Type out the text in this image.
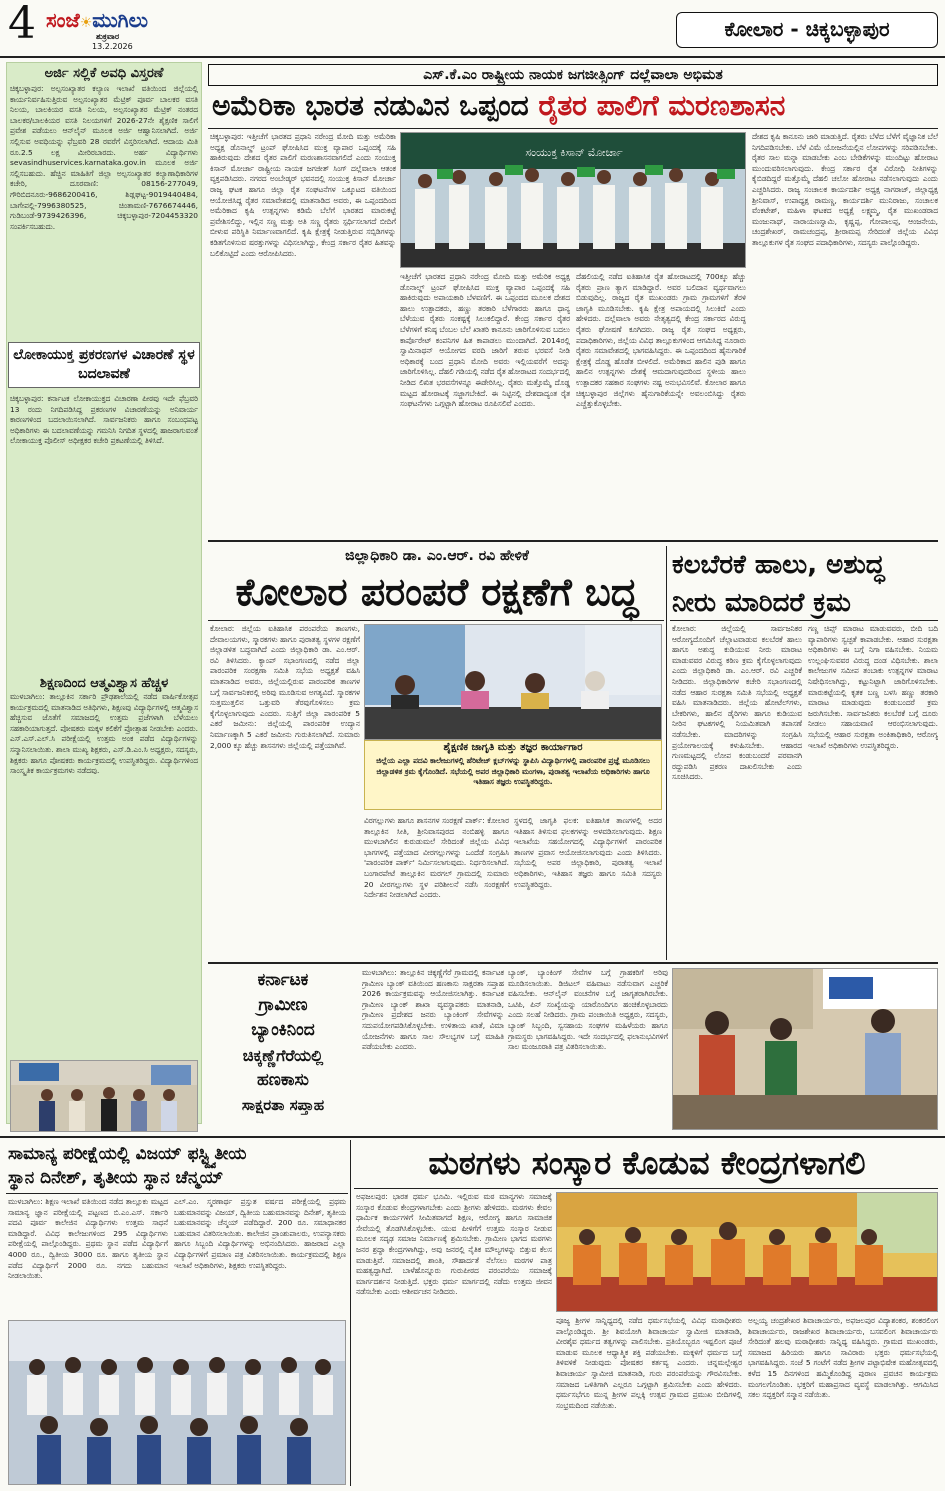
4 ಸಂಜೆ☀ಮುಗಿಲು
ಶುಕ್ರವಾರ
13.2.2026
ಕೋಲಾರ - ಚಿಕ್ಕಬಳ್ಳಾಪುರ
ಅರ್ಜಿ ಸಲ್ಲಿಕೆ ಅವಧಿ ವಿಸ್ತರಣೆ
ಚಿಕ್ಕಬಳ್ಳಾಪುರ: ಅಲ್ಪಸಂಖ್ಯಾತರ ಕಲ್ಯಾಣ ಇಲಾಖೆ ವತಿಯಿಂದ ಜಿಲ್ಲೆಯಲ್ಲಿ ಕಾರ್ಯನಿರ್ವಹಿಸುತ್ತಿರುವ ಅಲ್ಪಸಂಖ್ಯಾತರ ಮೆಟ್ರಿಕ್ ಪೂರ್ವ ಬಾಲಕರ ವಸತಿ ನಿಲಯ, ಬಾಲಕಿಯರ ವಸತಿ ನಿಲಯ, ಅಲ್ಪಸಂಖ್ಯಾತರ ಮೆಟ್ರಿಕ್ ನಂತರದ ಬಾಲಕರ/ಬಾಲಕಿಯರ ವಸತಿ ನಿಲಯಗಳಿಗೆ 2026-27ನೇ ಶೈಕ್ಷಣಿಕ ಸಾಲಿಗೆ ಪ್ರವೇಶ ಪಡೆಯಲು ಆನ್‌ಲೈನ್ ಮೂಲಕ ಅರ್ಜಿ ಆಹ್ವಾನಿಸಲಾಗಿದೆ. ಅರ್ಜಿ ಸಲ್ಲಿಸುವ ಅವಧಿಯನ್ನು ಫೆಬ್ರವರಿ 28 ರವರೆಗೆ ವಿಸ್ತರಿಸಲಾಗಿದೆ. ಆದಾಯ ಮಿತಿ ರೂ.2.5 ಲಕ್ಷ ಮೀರಿರಬಾರದು. ಅರ್ಹ ವಿದ್ಯಾರ್ಥಿಗಳು sevasindhuservices.karnataka.gov.in ಮೂಲಕ ಅರ್ಜಿ ಸಲ್ಲಿಸಬಹುದು. ಹೆಚ್ಚಿನ ಮಾಹಿತಿಗೆ ಜಿಲ್ಲಾ ಅಲ್ಪಸಂಖ್ಯಾತರ ಕಲ್ಯಾಣಾಧಿಕಾರಿಗಳ ಕಚೇರಿ, ದೂರವಾಣಿ: 08156-277049, ಗೌರಿಬಿದನೂರು-9686200416, ಶಿಡ್ಲಘಟ್ಟ-9019440484, ಬಾಗೇಪಲ್ಲಿ-7996380525, ಚಿಂತಾಮಣಿ-7676674446, ಗುಡಿಬಂಡೆ-9739426396, ಚಿಕ್ಕಬಳ್ಳಾಪುರ-7204453320 ಸಂಪರ್ಕಿಸಬಹುದು.
ಲೋಕಾಯುಕ್ತ ಪ್ರಕರಣಗಳ ವಿಚಾರಣೆ ಸ್ಥಳ ಬದಲಾವಣೆ
ಚಿಕ್ಕಬಳ್ಳಾಪುರ: ಕರ್ನಾಟಕ ಲೋಕಾಯುಕ್ತದ ವಿಚಾರಣಾ ಪೀಠವು ಇದೇ ಫೆಬ್ರವರಿ 13 ರಂದು ನಿಗದಿಪಡಿಸಿದ್ದ ಪ್ರಕರಣಗಳ ವಿಚಾರಣೆಯನ್ನು ಅನಿವಾರ್ಯ ಕಾರಣಗಳಿಂದ ಬದಲಾಯಿಸಲಾಗಿದೆ. ಸಾರ್ವಜನಿಕರು ಹಾಗೂ ಸಂಬಂಧಪಟ್ಟ ಅಧಿಕಾರಿಗಳು ಈ ಬದಲಾವಣೆಯನ್ನು ಗಮನಿಸಿ ನಿಗದಿತ ಸ್ಥಳದಲ್ಲಿ ಹಾಜರಾಗುವಂತೆ ಲೋಕಾಯುಕ್ತ ಪೊಲೀಸ್ ಅಧೀಕ್ಷಕರ ಕಚೇರಿ ಪ್ರಕಟಣೆಯಲ್ಲಿ ತಿಳಿಸಿದೆ.
ಶಿಕ್ಷಣದಿಂದ ಆತ್ಮವಿಶ್ವಾಸ ಹೆಚ್ಚಳ
ಮುಳಬಾಗಿಲು: ತಾಲ್ಲೂಕಿನ ಸರ್ಕಾರಿ ಪ್ರೌಢಶಾಲೆಯಲ್ಲಿ ನಡೆದ ವಾರ್ಷಿಕೋತ್ಸವ ಕಾರ್ಯಕ್ರಮದಲ್ಲಿ ಮಾತನಾಡಿದ ಅತಿಥಿಗಳು, ಶಿಕ್ಷಣವು ವಿದ್ಯಾರ್ಥಿಗಳಲ್ಲಿ ಆತ್ಮವಿಶ್ವಾಸ ಹೆಚ್ಚಿಸುವ ಜೊತೆಗೆ ಸಮಾಜದಲ್ಲಿ ಉತ್ತಮ ಪ್ರಜೆಗಳಾಗಿ ಬೆಳೆಯಲು ಸಹಕಾರಿಯಾಗುತ್ತದೆ. ಪೋಷಕರು ಮಕ್ಕಳ ಕಲಿಕೆಗೆ ಪ್ರೋತ್ಸಾಹ ನೀಡಬೇಕು ಎಂದರು. ಎಸ್.ಎಸ್.ಎಲ್.ಸಿ ಪರೀಕ್ಷೆಯಲ್ಲಿ ಉತ್ತಮ ಅಂಕ ಪಡೆದ ವಿದ್ಯಾರ್ಥಿಗಳನ್ನು ಸನ್ಮಾನಿಸಲಾಯಿತು. ಶಾಲಾ ಮುಖ್ಯ ಶಿಕ್ಷಕರು, ಎಸ್.ಡಿ.ಎಂ.ಸಿ ಅಧ್ಯಕ್ಷರು, ಸದಸ್ಯರು, ಶಿಕ್ಷಕರು ಹಾಗೂ ಪೋಷಕರು ಕಾರ್ಯಕ್ರಮದಲ್ಲಿ ಉಪಸ್ಥಿತರಿದ್ದರು. ವಿದ್ಯಾರ್ಥಿಗಳಿಂದ ಸಾಂಸ್ಕೃತಿಕ ಕಾರ್ಯಕ್ರಮಗಳು ನಡೆದವು.
ಎಸ್.ಕೆ.ಎಂ ರಾಷ್ಟ್ರೀಯ ನಾಯಕ ಜಗಜೀತ್ಸಿಂಗ್ ದಲ್ಲೆವಾಲಾ ಅಭಿಮತ
ಅಮೆರಿಕಾ ಭಾರತ ನಡುವಿನ ಒಪ್ಪಂದ ರೈತರ ಪಾಲಿಗೆ ಮರಣಶಾಸನ
ಚಿಕ್ಕಬಳ್ಳಾಪುರ: ಇತ್ತೀಚೆಗೆ ಭಾರತದ ಪ್ರಧಾನಿ ನರೇಂದ್ರ ಮೋದಿ ಮತ್ತು ಅಮೆರಿಕಾ ಅಧ್ಯಕ್ಷ ಡೊನಾಲ್ಡ್ ಟ್ರಂಪ್ ಘೋಷಿಸಿದ ಮುಕ್ತ ವ್ಯಾಪಾರ ಒಪ್ಪಂದಕ್ಕೆ ಸಹಿ ಹಾಕಿರುವುದು ದೇಶದ ರೈತರ ಪಾಲಿಗೆ ಮರಣಶಾಸನವಾಗಲಿದೆ ಎಂದು ಸಂಯುಕ್ತ ಕಿಸಾನ್ ಮೋರ್ಚಾ ರಾಷ್ಟ್ರೀಯ ನಾಯಕ ಜಗಜೀತ್ ಸಿಂಗ್ ದಲ್ಲೆವಾಲಾ ಆತಂಕ ವ್ಯಕ್ತಪಡಿಸಿದರು. ನಗರದ ಅಂಬೇಡ್ಕರ್ ಭವನದಲ್ಲಿ ಸಂಯುಕ್ತ ಕಿಸಾನ್ ಮೋರ್ಚಾ ರಾಜ್ಯ ಘಟಕ ಹಾಗೂ ಜಿಲ್ಲಾ ರೈತ ಸಂಘಟನೆಗಳ ಒಕ್ಕೂಟದ ವತಿಯಿಂದ ಆಯೋಜಿಸಿದ್ದ ರೈತರ ಸಮಾವೇಶದಲ್ಲಿ ಮಾತನಾಡಿದ ಅವರು, ಈ ಒಪ್ಪಂದದಿಂದ ಅಮೆರಿಕಾದ ಕೃಷಿ ಉತ್ಪನ್ನಗಳು ಕಡಿಮೆ ಬೆಲೆಗೆ ಭಾರತದ ಮಾರುಕಟ್ಟೆ ಪ್ರವೇಶಿಸಲಿದ್ದು, ಇಲ್ಲಿನ ಸಣ್ಣ ಮತ್ತು ಅತಿ ಸಣ್ಣ ರೈತರು ಸ್ಪರ್ಧಿಸಲಾಗದೆ ಬೀದಿಗೆ ಬೀಳುವ ಪರಿಸ್ಥಿತಿ ನಿರ್ಮಾಣವಾಗಲಿದೆ. ಕೃಷಿ ಕ್ಷೇತ್ರಕ್ಕೆ ನೀಡುತ್ತಿರುವ ಸಬ್ಸಿಡಿಗಳನ್ನು ಕಡಿತಗೊಳಿಸುವ ಷರತ್ತುಗಳನ್ನು ವಿಧಿಸಲಾಗಿದ್ದು, ಕೇಂದ್ರ ಸರ್ಕಾರ ರೈತರ ಹಿತವನ್ನು ಬಲಿಕೊಟ್ಟಿದೆ ಎಂದು ಆರೋಪಿಸಿದರು.
ಸಂಯುಕ್ತ ಕಿಸಾನ್ ಮೋರ್ಚಾ
ಇತ್ತೀಚೆಗೆ ಭಾರತದ ಪ್ರಧಾನಿ ನರೇಂದ್ರ ಮೋದಿ ಮತ್ತು ಅಮೆರಿಕ ಅಧ್ಯಕ್ಷ ಡೊನಾಲ್ಡ್ ಟ್ರಂಪ್ ಘೋಷಿಸಿದ ಮುಕ್ತ ವ್ಯಾಪಾರ ಒಪ್ಪಂದಕ್ಕೆ ಸಹಿ ಹಾಕಿರುವುದು ಅಪಾಯಕಾರಿ ಬೆಳವಣಿಗೆ. ಈ ಒಪ್ಪಂದದ ಮೂಲಕ ದೇಶದ ಹಾಲು ಉತ್ಪಾದಕರು, ಹಣ್ಣು ತರಕಾರಿ ಬೆಳೆಗಾರರು ಹಾಗೂ ಧಾನ್ಯ ಬೆಳೆಯುವ ರೈತರು ಸಂಕಷ್ಟಕ್ಕೆ ಸಿಲುಕಲಿದ್ದಾರೆ. ಕೇಂದ್ರ ಸರ್ಕಾರ ರೈತರ ಬೆಳೆಗಳಿಗೆ ಕನಿಷ್ಠ ಬೆಂಬಲ ಬೆಲೆ ಖಾತರಿ ಕಾನೂನು ಜಾರಿಗೊಳಿಸುವ ಬದಲು ಕಾರ್ಪೊರೇಟ್ ಕಂಪನಿಗಳ ಹಿತ ಕಾಪಾಡಲು ಮುಂದಾಗಿದೆ. 2014ರಲ್ಲಿ ಸ್ವಾಮಿನಾಥನ್ ಆಯೋಗದ ವರದಿ ಜಾರಿಗೆ ತರುವ ಭರವಸೆ ನೀಡಿ ಅಧಿಕಾರಕ್ಕೆ ಬಂದ ಪ್ರಧಾನಿ ಮೋದಿ ಅವರು ಇಲ್ಲಿಯವರೆಗೆ ಅದನ್ನು ಜಾರಿಗೊಳಿಸಿಲ್ಲ. ದೆಹಲಿ ಗಡಿಯಲ್ಲಿ ನಡೆದ ರೈತ ಹೋರಾಟದ ಸಂದರ್ಭದಲ್ಲಿ ನೀಡಿದ ಲಿಖಿತ ಭರವಸೆಗಳನ್ನೂ ಈಡೇರಿಸಿಲ್ಲ. ರೈತರು ಮತ್ತೊಮ್ಮೆ ದೊಡ್ಡ ಮಟ್ಟದ ಹೋರಾಟಕ್ಕೆ ಸಜ್ಜಾಗಬೇಕಿದೆ. ಈ ನಿಟ್ಟಿನಲ್ಲಿ ದೇಶದಾದ್ಯಂತ ರೈತ ಸಂಘಟನೆಗಳು ಒಗ್ಗಟ್ಟಾಗಿ ಹೋರಾಟ ರೂಪಿಸಲಿವೆ ಎಂದರು.
ದೆಹಲಿಯಲ್ಲಿ ನಡೆದ ಐತಿಹಾಸಿಕ ರೈತ ಹೋರಾಟದಲ್ಲಿ 700ಕ್ಕೂ ಹೆಚ್ಚು ರೈತರು ಪ್ರಾಣ ತ್ಯಾಗ ಮಾಡಿದ್ದಾರೆ. ಅವರ ಬಲಿದಾನ ವ್ಯರ್ಥವಾಗಲು ಬಿಡುವುದಿಲ್ಲ. ರಾಜ್ಯದ ರೈತ ಮುಖಂಡರು ಗ್ರಾಮ ಗ್ರಾಮಗಳಿಗೆ ತೆರಳಿ ಜಾಗೃತಿ ಮೂಡಿಸಬೇಕು. ಕೃಷಿ ಕ್ಷೇತ್ರ ಅಪಾಯದಲ್ಲಿ ಸಿಲುಕಿದೆ ಎಂದು ಹೇಳಿದರು. ದಲ್ಲೆವಾಲಾ ಅವರು ನೇತೃತ್ವದಲ್ಲಿ ಕೇಂದ್ರ ಸರ್ಕಾರದ ವಿರುದ್ಧ ರೈತರು ಘೋಷಣೆ ಕೂಗಿದರು. ರಾಜ್ಯ ರೈತ ಸಂಘದ ಅಧ್ಯಕ್ಷರು, ಪದಾಧಿಕಾರಿಗಳು, ಜಿಲ್ಲೆಯ ವಿವಿಧ ತಾಲ್ಲೂಕುಗಳಿಂದ ಆಗಮಿಸಿದ್ದ ನೂರಾರು ರೈತರು ಸಮಾವೇಶದಲ್ಲಿ ಭಾಗವಹಿಸಿದ್ದರು. ಈ ಒಪ್ಪಂದದಿಂದ ಹೈನುಗಾರಿಕೆ ಕ್ಷೇತ್ರಕ್ಕೆ ದೊಡ್ಡ ಹೊಡೆತ ಬೀಳಲಿದೆ. ಅಮೆರಿಕಾದ ಹಾಲಿನ ಪುಡಿ ಹಾಗೂ ಹಾಲಿನ ಉತ್ಪನ್ನಗಳು ದೇಶಕ್ಕೆ ಆಮದಾಗುವುದರಿಂದ ಸ್ಥಳೀಯ ಹಾಲು ಉತ್ಪಾದಕರ ಸಹಕಾರ ಸಂಘಗಳು ನಷ್ಟ ಅನುಭವಿಸಲಿವೆ. ಕೋಲಾರ ಹಾಗೂ ಚಿಕ್ಕಬಳ್ಳಾಪುರ ಜಿಲ್ಲೆಗಳು ಹೈನುಗಾರಿಕೆಯನ್ನೇ ಅವಲಂಬಿಸಿದ್ದು ರೈತರು ಎಚ್ಚೆತ್ತುಕೊಳ್ಳಬೇಕು.
ದೇಶದ ಕೃಷಿ ಕಾನೂನು ಜಾರಿ ಮಾಡುತ್ತಿದೆ. ರೈತರು ಬೆಳೆದ ಬೆಳೆಗೆ ವೈಜ್ಞಾನಿಕ ಬೆಲೆ ನಿಗದಿಪಡಿಸಬೇಕು. ಬೆಳೆ ವಿಮೆ ಯೋಜನೆಯಲ್ಲಿನ ಲೋಪಗಳನ್ನು ಸರಿಪಡಿಸಬೇಕು. ರೈತರ ಸಾಲ ಮನ್ನಾ ಮಾಡಬೇಕು ಎಂಬ ಬೇಡಿಕೆಗಳನ್ನು ಮುಂದಿಟ್ಟು ಹೋರಾಟ ಮುಂದುವರಿಸಲಾಗುವುದು. ಕೇಂದ್ರ ಸರ್ಕಾರ ರೈತ ವಿರೋಧಿ ನೀತಿಗಳನ್ನು ಕೈಬಿಡದಿದ್ದರೆ ಮತ್ತೊಮ್ಮೆ ದೆಹಲಿ ಚಲೋ ಹೋರಾಟ ನಡೆಸಲಾಗುವುದು ಎಂದು ಎಚ್ಚರಿಸಿದರು. ರಾಜ್ಯ ಸಂಚಾಲಕ ಕಾರ್ಯದರ್ಶಿ ಅಧ್ಯಕ್ಷ ನಾಗರಾಜ್, ಜಿಲ್ಲಾಧ್ಯಕ್ಷ ಶ್ರೀನಿವಾಸ್, ಉಪಾಧ್ಯಕ್ಷ ರಾಮಣ್ಣ, ಕಾರ್ಯದರ್ಶಿ ಮುನಿರಾಜು, ಸಂಚಾಲಕ ವೆಂಕಟೇಶ್, ಮಹಿಳಾ ಘಟಕದ ಅಧ್ಯಕ್ಷೆ ಲಕ್ಷ್ಮಮ್ಮ, ರೈತ ಮುಖಂಡರಾದ ಮಂಜುನಾಥ್, ನಾರಾಯಣಸ್ವಾಮಿ, ಕೃಷ್ಣಪ್ಪ, ಗೋಪಾಲಪ್ಪ, ಆಂಜನೇಯ, ಚಂದ್ರಶೇಖರ್, ರಾಮಚಂದ್ರಪ್ಪ, ಶ್ರೀರಾಮಪ್ಪ ಸೇರಿದಂತೆ ಜಿಲ್ಲೆಯ ವಿವಿಧ ತಾಲ್ಲೂಕುಗಳ ರೈತ ಸಂಘದ ಪದಾಧಿಕಾರಿಗಳು, ಸದಸ್ಯರು ಪಾಲ್ಗೊಂಡಿದ್ದರು.
ಜಿಲ್ಲಾಧಿಕಾರಿ ಡಾ. ಎಂ.ಆರ್. ರವಿ ಹೇಳಿಕೆ
ಕೋಲಾರ ಪರಂಪರೆ ರಕ್ಷಣೆಗೆ ಬದ್ಧ
ಕೋಲಾರ: ಜಿಲ್ಲೆಯ ಐತಿಹಾಸಿಕ ಪರಂಪರೆಯ ತಾಣಗಳು, ದೇವಾಲಯಗಳು, ಸ್ಮಾರಕಗಳು ಹಾಗೂ ಪುರಾತತ್ವ ಸ್ಥಳಗಳ ರಕ್ಷಣೆಗೆ ಜಿಲ್ಲಾಡಳಿತ ಬದ್ಧವಾಗಿದೆ ಎಂದು ಜಿಲ್ಲಾಧಿಕಾರಿ ಡಾ. ಎಂ.ಆರ್. ರವಿ ತಿಳಿಸಿದರು. ಕ್ಯಾಂಪ್ ಸಭಾಂಗಣದಲ್ಲಿ ನಡೆದ ಜಿಲ್ಲಾ ಪಾರಂಪರಿಕ ಸಂರಕ್ಷಣಾ ಸಮಿತಿ ಸಭೆಯ ಅಧ್ಯಕ್ಷತೆ ವಹಿಸಿ ಮಾತನಾಡಿದ ಅವರು, ಜಿಲ್ಲೆಯಲ್ಲಿರುವ ಪಾರಂಪರಿಕ ತಾಣಗಳ ಬಗ್ಗೆ ಸಾರ್ವಜನಿಕರಲ್ಲಿ ಅರಿವು ಮೂಡಿಸುವ ಅಗತ್ಯವಿದೆ. ಸ್ಮಾರಕಗಳ ಸುತ್ತಮುತ್ತಲಿನ ಒತ್ತುವರಿ ತೆರವುಗೊಳಿಸಲು ಕ್ರಮ ಕೈಗೊಳ್ಳಲಾಗುವುದು ಎಂದರು. ಸುತ್ತಿಗೆ ಜಿಲ್ಲಾ ಪಾರಂಪರಿಕ 5 ಎಕರೆ ಜಮೀನು: ಜಿಲ್ಲೆಯಲ್ಲಿ ಪಾರಂಪರಿಕ ಉದ್ಯಾನ ನಿರ್ಮಾಣಕ್ಕಾಗಿ 5 ಎಕರೆ ಜಮೀನು ಗುರುತಿಸಲಾಗಿದೆ. ಸುಮಾರು 2,000 ಕ್ಕೂ ಹೆಚ್ಚು ಶಾಸನಗಳು ಜಿಲ್ಲೆಯಲ್ಲಿ ಪತ್ತೆಯಾಗಿವೆ.	ಶೈಕ್ಷಣಿಕ ಜಾಗೃತಿ ಮತ್ತು ತಜ್ಞರ ಕಾರ್ಯಾಗಾರ
ಜಿಲ್ಲೆಯ ಎಲ್ಲಾ ಪದವಿ ಕಾಲೇಜುಗಳಲ್ಲಿ ಹೆರಿಟೇಜ್ ಕ್ಲಬ್‌ಗಳನ್ನು ಸ್ಥಾಪಿಸಿ ವಿದ್ಯಾರ್ಥಿಗಳಲ್ಲಿ ಪಾರಂಪರಿಕ ಪ್ರಜ್ಞೆ ಮೂಡಿಸಲು ಜಿಲ್ಲಾಡಳಿತ ಕ್ರಮ ಕೈಗೊಂಡಿದೆ. ಸಭೆಯಲ್ಲಿ ಅಪರ ಜಿಲ್ಲಾಧಿಕಾರಿ ಮಂಗಳಾ, ಪುರಾತತ್ವ ಇಲಾಖೆಯ ಅಧಿಕಾರಿಗಳು ಹಾಗೂ ಇತಿಹಾಸ ತಜ್ಞರು ಉಪಸ್ಥಿತರಿದ್ದರು.
ವಿರಗಲ್ಲುಗಳು ಹಾಗೂ ಶಾಸನಗಳ ಸಂರಕ್ಷಣೆ ಪಾರ್ಕ್: ಕೋಲಾರ ತಾಲ್ಲೂಕಿನ ಸೀತಿ, ಶ್ರೀನಿವಾಸಪುರದ ನಂಬಿಹಳ್ಳಿ ಹಾಗೂ ಮುಳಬಾಗಿಲಿನ ಕುರುಡುಮಲೆ ಸೇರಿದಂತೆ ಜಿಲ್ಲೆಯ ವಿವಿಧ ಭಾಗಗಳಲ್ಲಿ ಪತ್ತೆಯಾದ ವೀರಗಲ್ಲುಗಳನ್ನು ಒಂದೆಡೆ ಸಂಗ್ರಹಿಸಿ 'ಪಾರಂಪರಿಕ ಪಾರ್ಕ್' ನಿರ್ಮಿಸಲಾಗುವುದು. ನಿರ್ಧರಿಸಲಾಗಿದೆ. ಬಂಗಾರಪೇಟೆ ತಾಲ್ಲೂಕಿನ ಮರಗಲ್ ಗ್ರಾಮದಲ್ಲಿ ಸುಮಾರು 20 ವೀರಗಲ್ಲುಗಳು ಸ್ಥಳ ಪರಿಶೀಲನೆ ನಡೆಸಿ ಸಂರಕ್ಷಣೆಗೆ ನಿರ್ದೇಶನ ನೀಡಲಾಗಿದೆ ಎಂದರು.
ಸ್ಥಳದಲ್ಲಿ ಜಾಗೃತಿ ಫಲಕ: ಐತಿಹಾಸಿಕ ತಾಣಗಳಲ್ಲಿ ಅದರ ಇತಿಹಾಸ ತಿಳಿಸುವ ಫಲಕಗಳನ್ನು ಅಳವಡಿಸಲಾಗುವುದು. ಶಿಕ್ಷಣ ಇಲಾಖೆಯ ಸಹಯೋಗದಲ್ಲಿ ವಿದ್ಯಾರ್ಥಿಗಳಿಗೆ ಪಾರಂಪರಿಕ ತಾಣಗಳ ಪ್ರವಾಸ ಆಯೋಜಿಸಲಾಗುವುದು ಎಂದು ತಿಳಿಸಿದರು. ಸಭೆಯಲ್ಲಿ ಅಪರ ಜಿಲ್ಲಾಧಿಕಾರಿ, ಪುರಾತತ್ವ ಇಲಾಖೆ ಅಧಿಕಾರಿಗಳು, ಇತಿಹಾಸ ತಜ್ಞರು ಹಾಗೂ ಸಮಿತಿ ಸದಸ್ಯರು ಉಪಸ್ಥಿತರಿದ್ದರು.
ಕಲಬೆರಕೆ ಹಾಲು, ಅಶುದ್ಧ
ನೀರು ಮಾರಿದರೆ ಕ್ರಮ
ಕೋಲಾರ: ಜಿಲ್ಲೆಯಲ್ಲಿ ಸಾರ್ವಜನಿಕರ ಆರೋಗ್ಯದೊಂದಿಗೆ ಚೆಲ್ಲಾಟವಾಡುವ ಕಲಬೆರಕೆ ಹಾಲು ಹಾಗೂ ಅಶುದ್ಧ ಕುಡಿಯುವ ನೀರು ಮಾರಾಟ ಮಾಡುವವರ ವಿರುದ್ಧ ಕಠಿಣ ಕ್ರಮ ಕೈಗೊಳ್ಳಲಾಗುವುದು ಎಂದು ಜಿಲ್ಲಾಧಿಕಾರಿ ಡಾ. ಎಂ.ಆರ್. ರವಿ ಎಚ್ಚರಿಕೆ ನೀಡಿದರು. ಜಿಲ್ಲಾಧಿಕಾರಿಗಳ ಕಚೇರಿ ಸಭಾಂಗಣದಲ್ಲಿ ನಡೆದ ಆಹಾರ ಸುರಕ್ಷತಾ ಸಮಿತಿ ಸಭೆಯಲ್ಲಿ ಅಧ್ಯಕ್ಷತೆ ವಹಿಸಿ ಮಾತನಾಡಿದರು. ಜಿಲ್ಲೆಯ ಹೋಟೆಲ್‌ಗಳು, ಬೇಕರಿಗಳು, ಹಾಲಿನ ಡೈರಿಗಳು ಹಾಗೂ ಕುಡಿಯುವ ನೀರಿನ ಘಟಕಗಳಲ್ಲಿ ನಿಯಮಿತವಾಗಿ ತಪಾಸಣೆ ನಡೆಸಬೇಕು. ಮಾದರಿಗಳನ್ನು ಸಂಗ್ರಹಿಸಿ ಪ್ರಯೋಗಾಲಯಕ್ಕೆ ಕಳುಹಿಸಬೇಕು. ಆಹಾರದ ಗುಣಮಟ್ಟದಲ್ಲಿ ಲೋಪ ಕಂಡುಬಂದರೆ ಪರವಾನಗಿ ರದ್ದುಪಡಿಸಿ ಪ್ರಕರಣ ದಾಖಲಿಸಬೇಕು ಎಂದು ಸೂಚಿಸಿದರು.
ಗಣ್ಣ ಚಿಪ್ಸ್ ಮಾರಾಟ ಮಾಡುವವರು, ಬೀದಿ ಬದಿ ವ್ಯಾಪಾರಿಗಳು ಸ್ವಚ್ಛತೆ ಕಾಪಾಡಬೇಕು. ಆಹಾರ ಸುರಕ್ಷತಾ ಅಧಿಕಾರಿಗಳು ಈ ಬಗ್ಗೆ ನಿಗಾ ವಹಿಸಬೇಕು. ನಿಯಮ ಉಲ್ಲಂಘಿಸುವವರ ವಿರುದ್ಧ ದಂಡ ವಿಧಿಸಬೇಕು. ಶಾಲಾ ಕಾಲೇಜುಗಳ ಸಮೀಪ ತಂಬಾಕು ಉತ್ಪನ್ನಗಳ ಮಾರಾಟ ನಿಷೇಧಿಸಲಾಗಿದ್ದು, ಕಟ್ಟುನಿಟ್ಟಾಗಿ ಜಾರಿಗೊಳಿಸಬೇಕು. ಮಾರುಕಟ್ಟೆಯಲ್ಲಿ ಕೃತಕ ಬಣ್ಣ ಬಳಸಿ ಹಣ್ಣು ತರಕಾರಿ ಮಾರಾಟ ಮಾಡುವುದು ಕಂಡುಬಂದರೆ ಕ್ರಮ ಜರುಗಿಸಬೇಕು. ಸಾರ್ವಜನಿಕರು ಕಲಬೆರಕೆ ಬಗ್ಗೆ ದೂರು ನೀಡಲು ಸಹಾಯವಾಣಿ ಆರಂಭಿಸಲಾಗುವುದು. ಸಭೆಯಲ್ಲಿ ಆಹಾರ ಸುರಕ್ಷತಾ ಅಂಕಿತಾಧಿಕಾರಿ, ಆರೋಗ್ಯ ಇಲಾಖೆ ಅಧಿಕಾರಿಗಳು ಉಪಸ್ಥಿತರಿದ್ದರು.
ಕರ್ನಾಟಕ
ಗ್ರಾಮೀಣ
ಬ್ಯಾಂಕಿನಿಂದ
ಚಿಕ್ಕಣ್ಣೆಗೆರೆಯಲ್ಲಿ
ಹಣಕಾಸು
ಸಾಕ್ಷರತಾ ಸಪ್ತಾಹ
ಮುಳಬಾಗಿಲು: ತಾಲ್ಲೂಕಿನ ಚಿಕ್ಕಣ್ಣೆಗೆರೆ ಗ್ರಾಮದಲ್ಲಿ ಕರ್ನಾಟಕ ಗ್ರಾಮೀಣ ಬ್ಯಾಂಕ್ ವತಿಯಿಂದ ಹಣಕಾಸು ಸಾಕ್ಷರತಾ ಸಪ್ತಾಹ 2026 ಕಾರ್ಯಕ್ರಮವನ್ನು ಆಯೋಜಿಸಲಾಗಿತ್ತು. ಕರ್ನಾಟಕ ಗ್ರಾಮೀಣ ಬ್ಯಾಂಕ್ ಶಾಖಾ ವ್ಯವಸ್ಥಾಪಕರು ಮಾತನಾಡಿ, ಗ್ರಾಮೀಣ ಪ್ರದೇಶದ ಜನರು ಬ್ಯಾಂಕಿಂಗ್ ಸೇವೆಗಳನ್ನು ಸದುಪಯೋಗಪಡಿಸಿಕೊಳ್ಳಬೇಕು. ಉಳಿತಾಯ ಖಾತೆ, ವಿಮಾ ಯೋಜನೆಗಳು ಹಾಗೂ ಸಾಲ ಸೌಲಭ್ಯಗಳ ಬಗ್ಗೆ ಮಾಹಿತಿ ಪಡೆಯಬೇಕು ಎಂದರು.
ಬ್ಯಾಂಕ್, ಬ್ಯಾಂಕಿಂಗ್ ಸೇವೆಗಳ ಬಗ್ಗೆ ಗ್ರಾಹಕರಿಗೆ ಅರಿವು ಮೂಡಿಸಲಾಯಿತು. ಡಿಜಿಟಲ್ ವಹಿವಾಟು ನಡೆಸುವಾಗ ಎಚ್ಚರಿಕೆ ವಹಿಸಬೇಕು. ಆನ್‌ಲೈನ್ ವಂಚನೆಗಳ ಬಗ್ಗೆ ಜಾಗೃತರಾಗಿರಬೇಕು. ಒಟಿಪಿ, ಪಿನ್ ಸಂಖ್ಯೆಯನ್ನು ಯಾರೊಂದಿಗೂ ಹಂಚಿಕೊಳ್ಳಬಾರದು ಎಂದು ಸಲಹೆ ನೀಡಿದರು. ಗ್ರಾಮ ಪಂಚಾಯಿತಿ ಅಧ್ಯಕ್ಷರು, ಸದಸ್ಯರು, ಬ್ಯಾಂಕ್ ಸಿಬ್ಬಂದಿ, ಸ್ವಸಹಾಯ ಸಂಘಗಳ ಮಹಿಳೆಯರು ಹಾಗೂ ಗ್ರಾಮಸ್ಥರು ಭಾಗವಹಿಸಿದ್ದರು. ಇದೇ ಸಂದರ್ಭದಲ್ಲಿ ಫಲಾನುಭವಿಗಳಿಗೆ ಸಾಲ ಮಂಜೂರಾತಿ ಪತ್ರ ವಿತರಿಸಲಾಯಿತು.
ಸಾಮಾನ್ಯ ಪರೀಕ್ಷೆಯಲ್ಲಿ ವಿಜಯ್ ಫಸ್ಟ್ದ್ವಿತೀಯ
ಸ್ಥಾನ ದಿನೇಶ್, ತೃತೀಯ ಸ್ಥಾನ ಚೆನ್ಮಯ್
ಮುಳಬಾಗಿಲು: ಶಿಕ್ಷಣ ಇಲಾಖೆ ವತಿಯಿಂದ ನಡೆದ ತಾಲ್ಲೂಕು ಮಟ್ಟದ ಸಾಮಾನ್ಯ ಜ್ಞಾನ ಪರೀಕ್ಷೆಯಲ್ಲಿ ಪಟ್ಟಣದ ಬಿ.ಎಂ.ಎಸ್. ಸರ್ಕಾರಿ ಪದವಿ ಪೂರ್ವ ಕಾಲೇಜಿನ ವಿದ್ಯಾರ್ಥಿಗಳು ಉತ್ತಮ ಸಾಧನೆ ಮಾಡಿದ್ದಾರೆ. ವಿವಿಧ ಕಾಲೇಜುಗಳಿಂದ 295 ವಿದ್ಯಾರ್ಥಿಗಳು ಪರೀಕ್ಷೆಯಲ್ಲಿ ಪಾಲ್ಗೊಂಡಿದ್ದರು. ಪ್ರಥಮ ಸ್ಥಾನ ಪಡೆದ ವಿದ್ಯಾರ್ಥಿಗೆ 4000 ರೂ., ದ್ವಿತೀಯ 3000 ರೂ. ಹಾಗೂ ತೃತೀಯ ಸ್ಥಾನ ಪಡೆದ ವಿದ್ಯಾರ್ಥಿಗೆ 2000 ರೂ. ನಗದು ಬಹುಮಾನ ನೀಡಲಾಯಿತು.
ಎಲ್.ಎಂ. ಸ್ಮರಣಾರ್ಥ ಪ್ರಸ್ತುತ ವರ್ಷದ ಪರೀಕ್ಷೆಯಲ್ಲಿ ಪ್ರಥಮ ಬಹುಮಾನವನ್ನು ವಿಜಯ್, ದ್ವಿತೀಯ ಬಹುಮಾನವನ್ನು ದಿನೇಶ್, ತೃತೀಯ ಬಹುಮಾನವನ್ನು ಚೆನ್ಮಯ್ ಪಡೆದಿದ್ದಾರೆ. 200 ರೂ. ಸಮಾಧಾನಕರ ಬಹುಮಾನ ವಿತರಿಸಲಾಯಿತು. ಕಾಲೇಜಿನ ಪ್ರಾಂಶುಪಾಲರು, ಉಪನ್ಯಾಸಕರು ಹಾಗೂ ಸಿಬ್ಬಂದಿ ವಿದ್ಯಾರ್ಥಿಗಳನ್ನು ಅಭಿನಂದಿಸಿದರು. ಹಾಜರಾದ ಎಲ್ಲಾ ವಿದ್ಯಾರ್ಥಿಗಳಿಗೆ ಪ್ರಮಾಣ ಪತ್ರ ವಿತರಿಸಲಾಯಿತು. ಕಾರ್ಯಕ್ರಮದಲ್ಲಿ ಶಿಕ್ಷಣ ಇಲಾಖೆ ಅಧಿಕಾರಿಗಳು, ಶಿಕ್ಷಕರು ಉಪಸ್ಥಿತರಿದ್ದರು.
ಮಠಗಳು ಸಂಸ್ಕಾರ ಕೊಡುವ ಕೇಂದ್ರಗಳಾಗಲಿ
ಅಫಜಲಪುರ: ಭಾರತ ಧರ್ಮ ಭೂಮಿ. ಇಲ್ಲಿರುವ ಮಠ ಮಾನ್ಯಗಳು ಸಮಾಜಕ್ಕೆ ಸಂಸ್ಕಾರ ಕೊಡುವ ಕೇಂದ್ರಗಳಾಗಬೇಕು ಎಂದು ಶ್ರೀಗಳು ಹೇಳಿದರು. ಮಠಗಳು ಕೇವಲ ಧಾರ್ಮಿಕ ಕಾರ್ಯಗಳಿಗೆ ಸೀಮಿತವಾಗದೆ ಶಿಕ್ಷಣ, ಆರೋಗ್ಯ ಹಾಗೂ ಸಾಮಾಜಿಕ ಸೇವೆಯಲ್ಲಿ ತೊಡಗಿಸಿಕೊಳ್ಳಬೇಕು. ಯುವ ಪೀಳಿಗೆಗೆ ಉತ್ತಮ ಸಂಸ್ಕಾರ ನೀಡುವ ಮೂಲಕ ಸದೃಢ ಸಮಾಜ ನಿರ್ಮಾಣಕ್ಕೆ ಶ್ರಮಿಸಬೇಕು. ಗ್ರಾಮೀಣ ಭಾಗದ ಮಠಗಳು ಜನರ ಶ್ರದ್ಧಾ ಕೇಂದ್ರಗಳಾಗಿದ್ದು, ಅವು ಜನರಲ್ಲಿ ನೈತಿಕ ಮೌಲ್ಯಗಳನ್ನು ಬಿತ್ತುವ ಕೆಲಸ ಮಾಡುತ್ತಿವೆ. ಸಮಾಜದಲ್ಲಿ ಶಾಂತಿ, ಸೌಹಾರ್ದತೆ ನೆಲೆಸಲು ಮಠಗಳ ಪಾತ್ರ ಮಹತ್ವದ್ದಾಗಿದೆ. ಬಾಳೆಹೊನ್ನೂರು ಗುರುಪೀಠದ ಪರಂಪರೆಯು ಸಮಾಜಕ್ಕೆ ಮಾರ್ಗದರ್ಶನ ನೀಡುತ್ತಿದೆ. ಭಕ್ತರು ಧರ್ಮ ಮಾರ್ಗದಲ್ಲಿ ನಡೆದು ಉತ್ತಮ ಜೀವನ ನಡೆಸಬೇಕು ಎಂದು ಆಶೀರ್ವಚನ ನೀಡಿದರು.
ಪೂಜ್ಯ ಶ್ರೀಗಳ ಸಾನ್ನಿಧ್ಯದಲ್ಲಿ ನಡೆದ ಧರ್ಮಸಭೆಯಲ್ಲಿ ವಿವಿಧ ಮಠಾಧೀಶರು ಪಾಲ್ಗೊಂಡಿದ್ದರು. ಶ್ರೀ ಶಿವಯೋಗಿ ಶಿವಾಚಾರ್ಯ ಸ್ವಾಮೀಜಿ ಮಾತನಾಡಿ, ವೀರಶೈವ ಧರ್ಮದ ತತ್ವಗಳನ್ನು ಪಾಲಿಸಬೇಕು. ಪ್ರತಿಯೊಬ್ಬರೂ ಇಷ್ಟಲಿಂಗ ಪೂಜೆ ಮಾಡುವ ಮೂಲಕ ಆಧ್ಯಾತ್ಮಿಕ ಶಕ್ತಿ ಪಡೆಯಬೇಕು. ಮಕ್ಕಳಿಗೆ ಧರ್ಮದ ಬಗ್ಗೆ ತಿಳಿವಳಿಕೆ ನೀಡುವುದು ಪೋಷಕರ ಕರ್ತವ್ಯ ಎಂದರು. ಚನ್ನಮಲ್ಲೇಶ್ವರ ಶಿವಾಚಾರ್ಯ ಸ್ವಾಮೀಜಿ ಮಾತನಾಡಿ, ಗುರು ಪರಂಪರೆಯನ್ನು ಗೌರವಿಸಬೇಕು. ಸಮಾಜದ ಒಳಿತಿಗಾಗಿ ಎಲ್ಲರೂ ಒಗ್ಗಟ್ಟಾಗಿ ಶ್ರಮಿಸಬೇಕು ಎಂದು ಹೇಳಿದರು. ಧರ್ಮಸಭೆಗೂ ಮುನ್ನ ಶ್ರೀಗಳ ಪಲ್ಲಕ್ಕಿ ಉತ್ಸವ ಗ್ರಾಮದ ಪ್ರಮುಖ ಬೀದಿಗಳಲ್ಲಿ ಸಂಭ್ರಮದಿಂದ ನಡೆಯಿತು.
ಅಲ್ಲಯ್ಯ ಚಂದ್ರಶೇಖರ ಶಿವಾಚಾರ್ಯರು, ಅಫಜಲಪುರ ವಿದ್ಯಾಶಂಕರ, ಶಂಕರಲಿಂಗ ಶಿವಾಚಾರ್ಯರು, ರಾಜಶೇಖರ ಶಿವಾಚಾರ್ಯರು, ಬಸವಲಿಂಗ ಶಿವಾಚಾರ್ಯರು ಸೇರಿದಂತೆ ಹಲವು ಮಠಾಧೀಶರು ಸಾನ್ನಿಧ್ಯ ವಹಿಸಿದ್ದರು. ಗ್ರಾಮದ ಮುಖಂಡರು, ಸಮಾಜದ ಹಿರಿಯರು ಹಾಗೂ ಸಾವಿರಾರು ಭಕ್ತರು ಧರ್ಮಸಭೆಯಲ್ಲಿ ಭಾಗವಹಿಸಿದ್ದರು. ಸಂಜೆ 5 ಗಂಟೆಗೆ ನಡೆದ ಶ್ರೀಗಳ ಪಟ್ಟಾಭಿಷೇಕ ಮಹೋತ್ಸವದಲ್ಲಿ ಕಳೆದ 15 ದಿನಗಳಿಂದ ಹಮ್ಮಿಕೊಂಡಿದ್ದ ಪುರಾಣ ಪ್ರವಚನ ಕಾರ್ಯಕ್ರಮ ಮಂಗಲಗೊಂಡಿತು. ಭಕ್ತರಿಗೆ ಮಹಾಪ್ರಸಾದ ವ್ಯವಸ್ಥೆ ಮಾಡಲಾಗಿತ್ತು. ಆಗಮಿಸಿದ ಸಕಲ ಸದ್ಭಕ್ತರಿಗೆ ಸನ್ಮಾನ ನಡೆಯಿತು.
